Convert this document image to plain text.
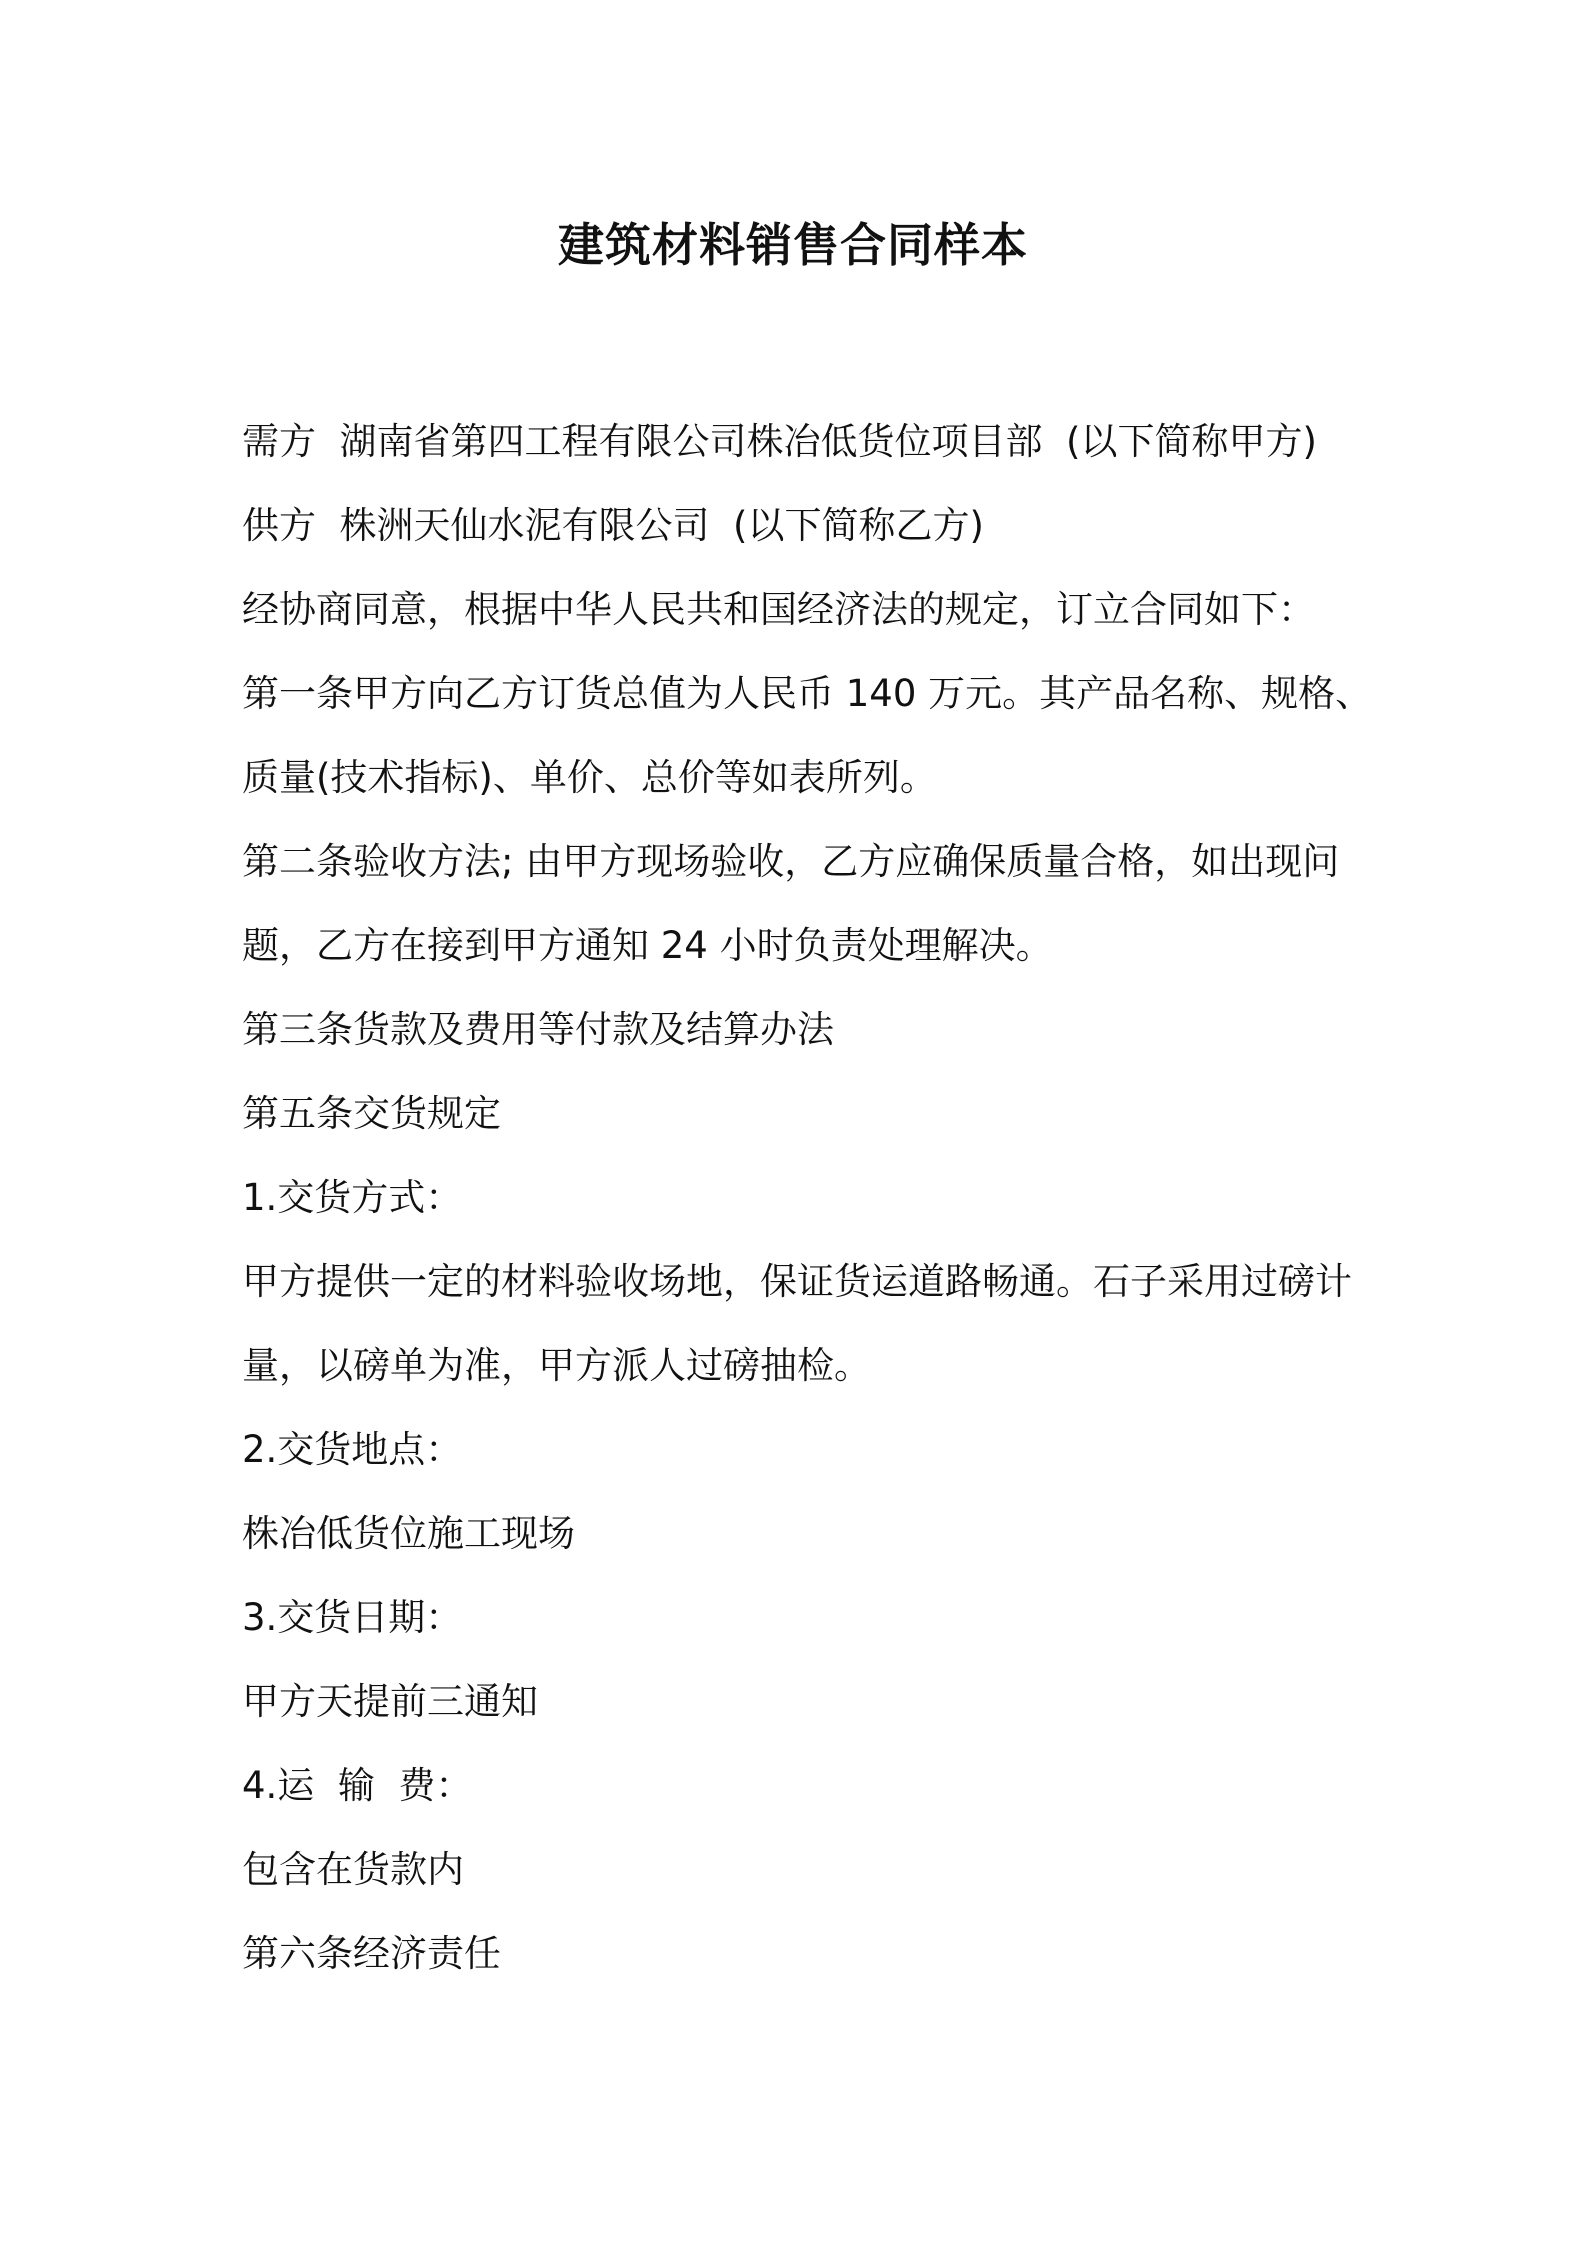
建筑材料销售合同样本

需方  湖南省第四工程有限公司株冶低货位项目部  (以下简称甲方)

供方  株洲天仙水泥有限公司  (以下简称乙方)

经协商同意，根据中华人民共和国经济法的规定，订立合同如下：

第一条甲方向乙方订货总值为人民币 140 万元。其产品名称、规格、

质量(技术指标)、单价、总价等如表所列。

第二条验收方法; 由甲方现场验收，乙方应确保质量合格，如出现问

题，乙方在接到甲方通知 24 小时负责处理解决。

第三条货款及费用等付款及结算办法

第五条交货规定

1.交货方式：

甲方提供一定的材料验收场地，保证货运道路畅通。石子采用过磅计

量，以磅单为准，甲方派人过磅抽检。

2.交货地点：

株冶低货位施工现场

3.交货日期：

甲方天提前三通知

4.运  输  费：

包含在货款内

第六条经济责任
